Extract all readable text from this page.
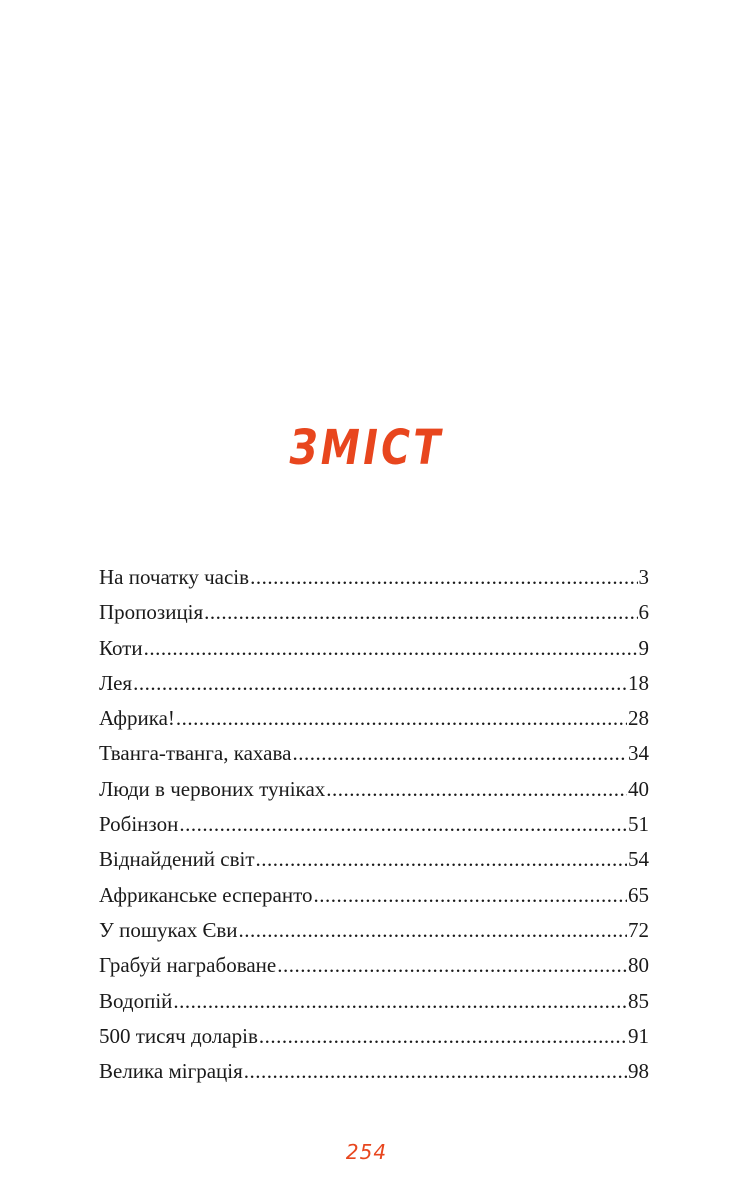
ЗМІСТ
На початку часів .....	3
Пропозиція .....	6
Коти .....	9
Лея .....	18
Африка! .....	28
Тванга-тванга, кахава .....	34
Люди в червоних туніках .....	40
Робінзон .....	51
Віднайдений світ .....	54
Африканське есперанто .....	65
У пошуках Єви .....	72
Грабуй награбоване .....	80
Водопій .....	85
500 тисяч доларів .....	91
Велика міграція .....	98
254
